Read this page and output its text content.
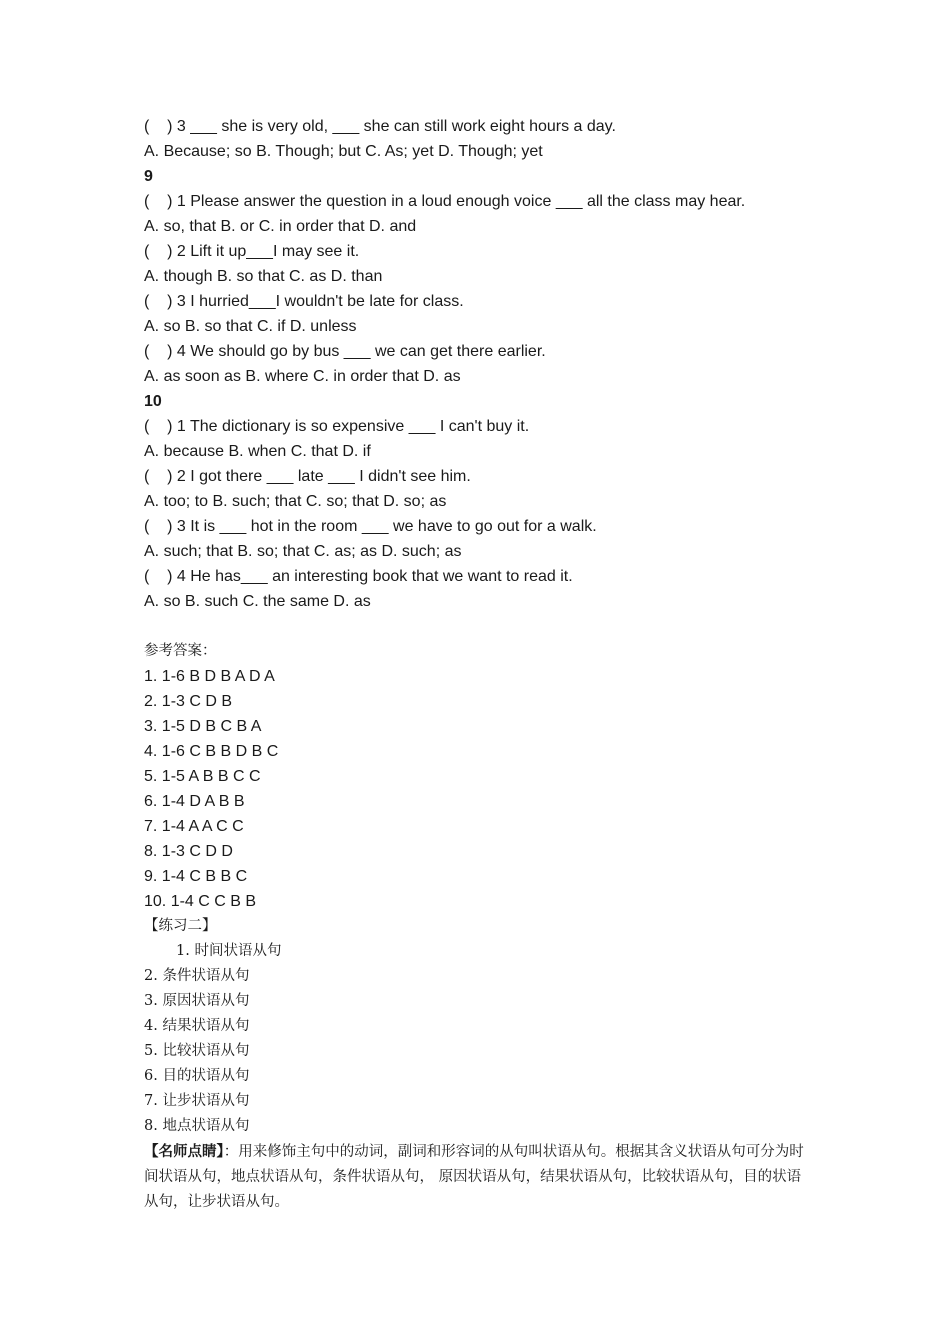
(    ) 3 ___ she is very old, ___ she can still work eight hours a day.
A. Because; so B. Though; but C. As; yet D. Though; yet
9
(    ) 1 Please answer the question in a loud enough voice ___ all the class may hear.
A. so, that B. or C. in order that D. and
(    ) 2 Lift it up___I may see it.
A. though B. so that C. as D. than
(    ) 3 I hurried___I wouldn't be late for class.
A. so B. so that C. if D. unless
(    ) 4 We should go by bus ___ we can get there earlier.
A. as soon as B. where C. in order that D. as
10
(    ) 1 The dictionary is so expensive ___ I can't buy it.
A. because B. when C. that D. if
(    ) 2 I got there ___ late ___ I didn't see him.
A. too; to B. such; that C. so; that D. so; as
(    ) 3 It is ___ hot in the room ___ we have to go out for a walk.
A. such; that B. so; that C. as; as D. such; as
(    ) 4 He has___ an interesting book that we want to read it.
A. so B. such C. the same D. as
参考答案：
1. 1-6 B D B A D A
2. 1-3 C D B
3. 1-5 D B C B A
4. 1-6 C B B D B C
5. 1-5 A B B C C
6. 1-4 D A B B
7. 1-4 A A C C
8. 1-3 C D D
9. 1-4 C B B C
10. 1-4 C C B B
【练习二】
1. 时间状语从句
2. 条件状语从句
3. 原因状语从句
4. 结果状语从句
5. 比较状语从句
6. 目的状语从句
7. 让步状语从句
8. 地点状语从句
【名师点睛】：用来修饰主句中的动词，副词和形容词的从句叫状语从句。根据其含义状语从句可分为时间状语从句，地点状语从句，条件状语从句， 原因状语从句，结果状语从句，比较状语从句，目的状语从句，让步状语从句。
